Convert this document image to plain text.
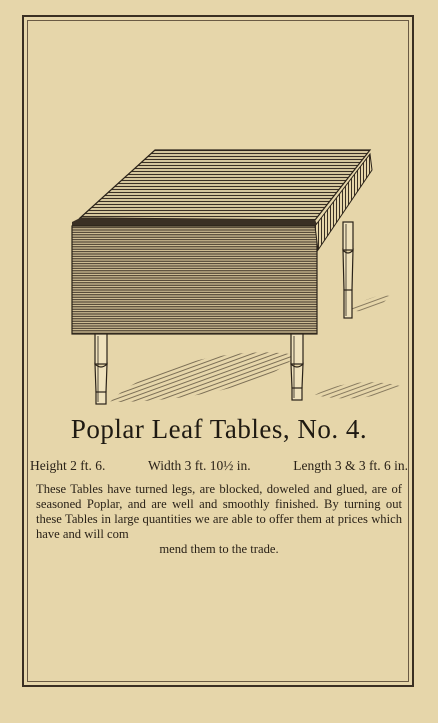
Poplar Leaf Tables, No. 4.
Height 2 ft. 6.	Width 3 ft. 10½ in.	Length 3 & 3 ft. 6 in.
These Tables have turned legs, are blocked, doweled and glued, are of seasoned Poplar, and are well and smoothly finished. By turning out these Tables in large quantities we are able to offer them at prices which have and will com
mend them to the trade.
